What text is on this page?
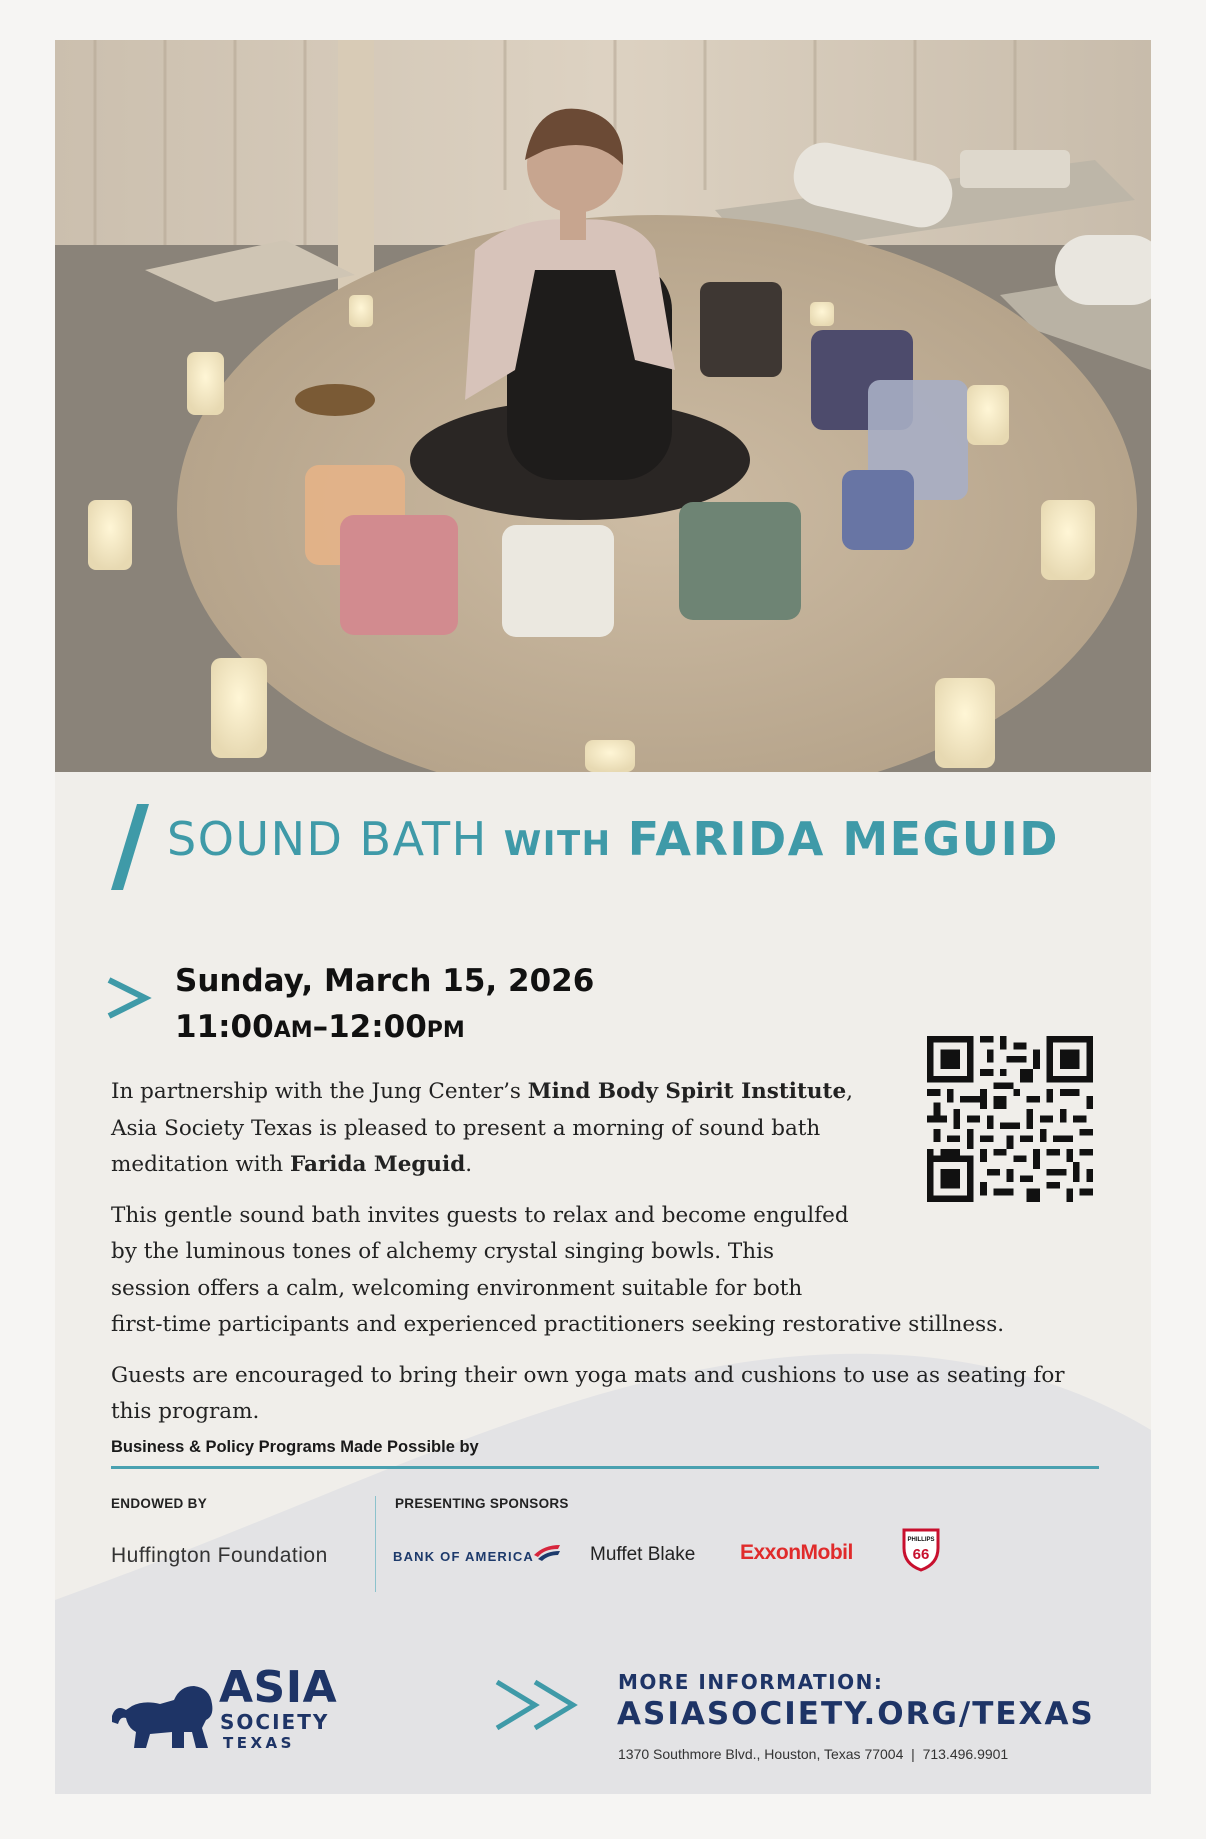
SOUND BATH WITH FARIDA MEGUID
Sunday, March 15, 2026
11:00AM–12:00PM

In partnership with the Jung Center’s Mind Body Spirit Institute,
Asia Society Texas is pleased to present a morning of sound bath
meditation with Farida Meguid.

This gentle sound bath invites guests to relax and become engulfed
by the luminous tones of alchemy crystal singing bowls. This
session offers a calm, welcoming environment suitable for both
first-time participants and experienced practitioners seeking restorative stillness.

Guests are encouraged to bring their own yoga mats and cushions to use as seating for
this program.

Business & Policy Programs Made Possible by
ENDOWED BY	PRESENTING SPONSORS
Huffington Foundation	BANK OF AMERICA	Muffet Blake ExxonMobil
PHILLIPS
66
ASIA
SOCIETY
TEXAS
MORE INFORMATION:
ASIASOCIETY.ORG/TEXAS
1370 Southmore Blvd., Houston, Texas 77004 | 713.496.9901
